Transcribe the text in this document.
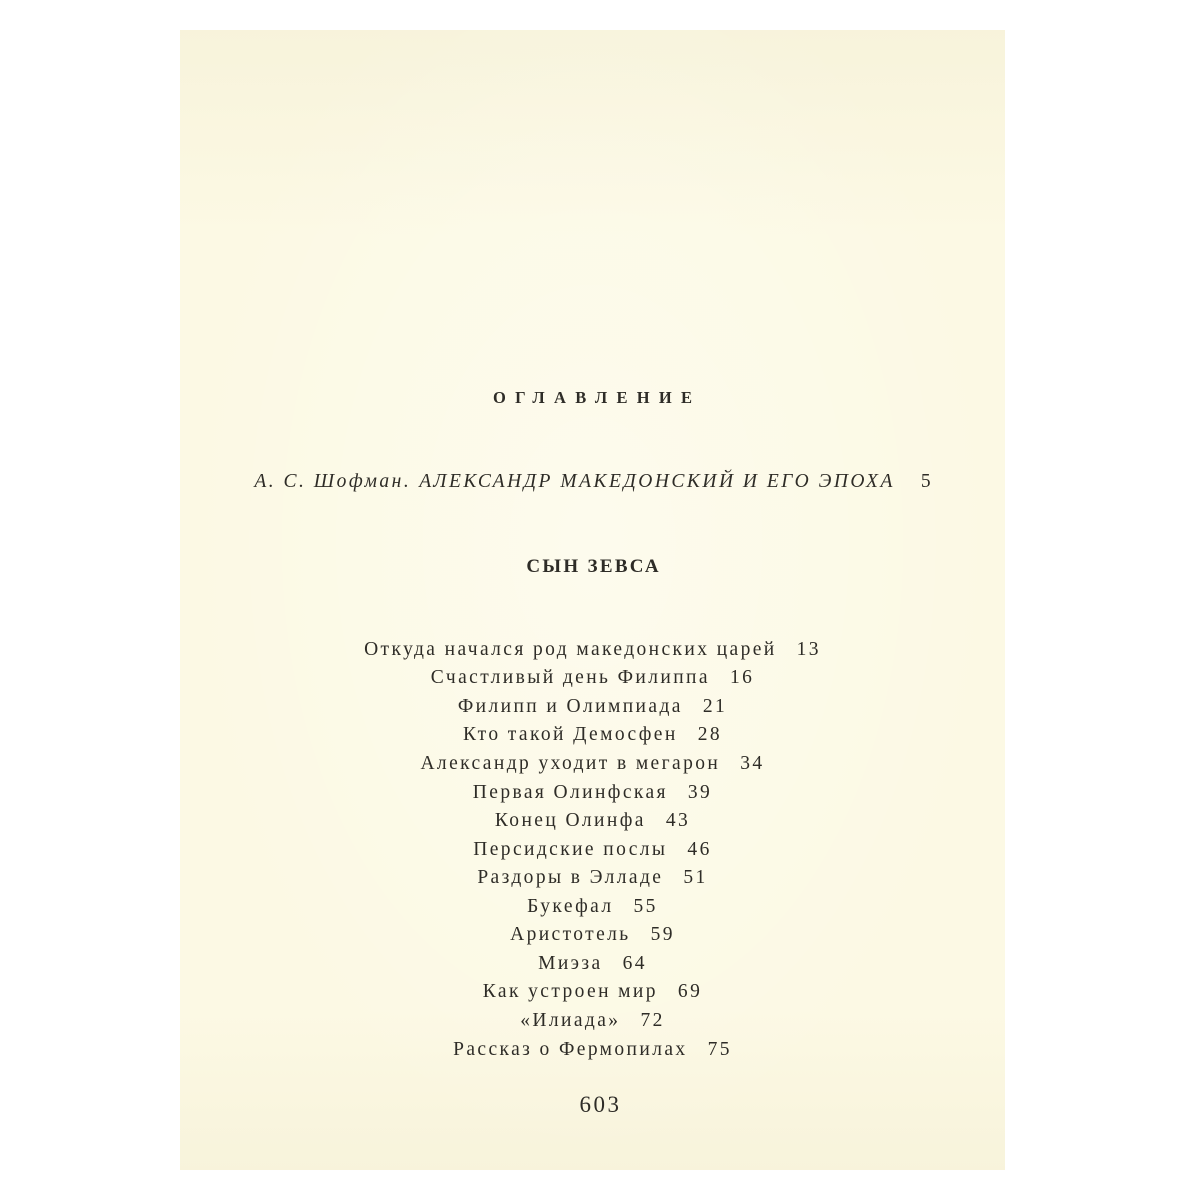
ОГЛАВЛЕНИЕ
А. С. Шофман. АЛЕКСАНДР МАКЕДОНСКИЙ И ЕГО ЭПОХА 5
СЫН ЗЕВСА
Откуда начался род македонских царей 13
Счастливый день Филиппа 16
Филипп и Олимпиада 21
Кто такой Демосфен 28
Александр уходит в мегарон 34
Первая Олинфская 39
Конец Олинфа 43
Персидские послы 46
Раздоры в Элладе 51
Букефал 55
Аристотель 59
Миэза 64
Как устроен мир 69
«Илиада» 72
Рассказ о Фермопилах 75
603
